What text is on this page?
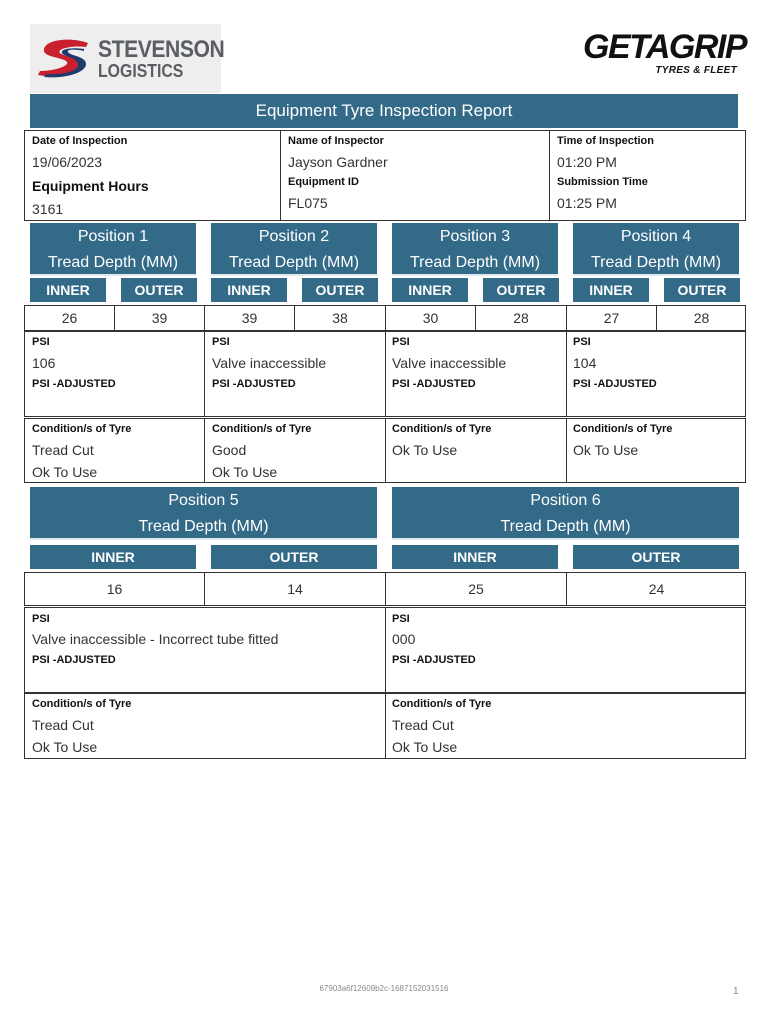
STEVENSON
LOGISTICS
GETAGRIP
TYRES & FLEET
Equipment Tyre Inspection Report
Date of Inspection
19/06/2023
Equipment Hours
3161
Name of Inspector
Jayson Gardner
Equipment ID
FL075
Time of Inspection
01:20 PM
Submission Time
01:25 PM
Position 1
Tread Depth (MM)
Position 2
Tread Depth (MM)
Position 3
Tread Depth (MM)
Position 4
Tread Depth (MM)
INNER	OUTER	INNER	OUTER	INNER	OUTER	INNER	OUTER
26	39	39	38	30	28	27	28
PSI
106
PSI -ADJUSTED
PSI
Valve inaccessible
PSI -ADJUSTED
PSI
Valve inaccessible
PSI -ADJUSTED
PSI
104
PSI -ADJUSTED
Condition/s of Tyre
Tread Cut
Ok To Use
Condition/s of Tyre
Good
Ok To Use
Condition/s of Tyre
Ok To Use
Condition/s of Tyre
Ok To Use
Position 5
Tread Depth (MM)
Position 6
Tread Depth (MM)
INNER	OUTER	INNER	OUTER
16	14	25	24
PSI
Valve inaccessible - Incorrect tube fitted
PSI -ADJUSTED
PSI
000
PSI -ADJUSTED
Condition/s of Tyre
Tread Cut
Ok To Use
Condition/s of Tyre
Tread Cut
Ok To Use
67903a6f12609b2c-1687152031516	1
